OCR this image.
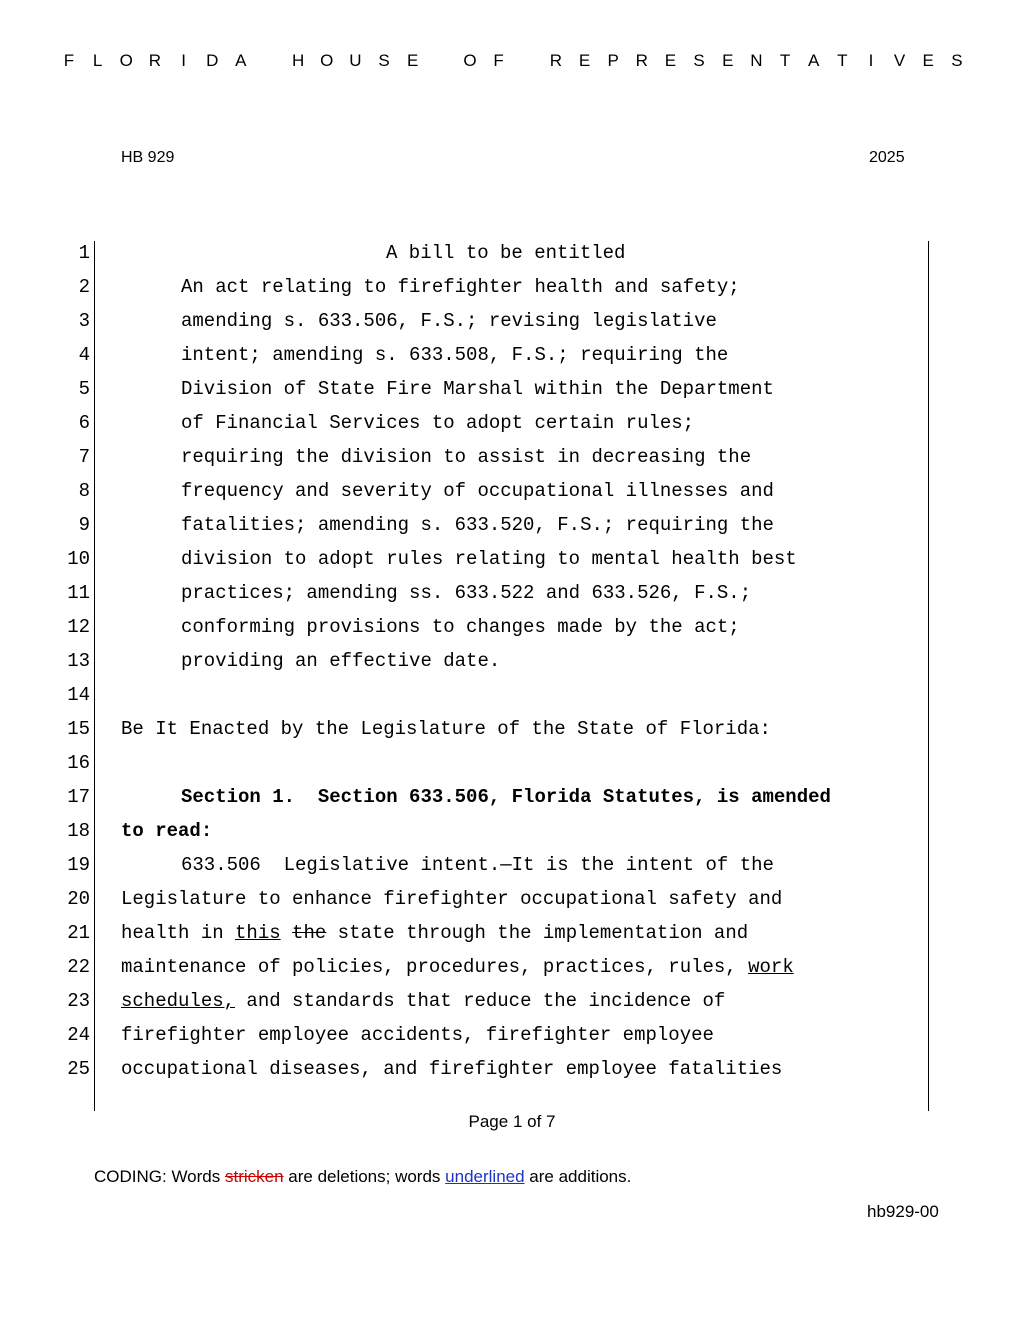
F L O R I D A	H O U S E	O F	R E P R E S E N T A T I V E S
HB 929	2025
1	A bill to be entitled
2	An act relating to firefighter health and safety;
3	amending s. 633.506, F.S.; revising legislative
4	intent; amending s. 633.508, F.S.; requiring the
5	Division of State Fire Marshal within the Department
6	of Financial Services to adopt certain rules;
7	requiring the division to assist in decreasing the
8	frequency and severity of occupational illnesses and
9	fatalities; amending s. 633.520, F.S.; requiring the
10	division to adopt rules relating to mental health best
11	practices; amending ss. 633.522 and 633.526, F.S.;
12	conforming provisions to changes made by the act;
13	providing an effective date.
14
15 Be It Enacted by the Legislature of the State of Florida:
16
17	Section 1.  Section 633.506, Florida Statutes, is amended
18 to read:
19	633.506  Legislative intent.—It is the intent of the
20 Legislature to enhance firefighter occupational safety and
21 health in this the state through the implementation and
22 maintenance of policies, procedures, practices, rules, work
23 schedules, and standards that reduce the incidence of
24 firefighter employee accidents, firefighter employee
25 occupational diseases, and firefighter employee fatalities
Page 1 of 7
CODING: Words stricken are deletions; words underlined are additions.
hb929-00
